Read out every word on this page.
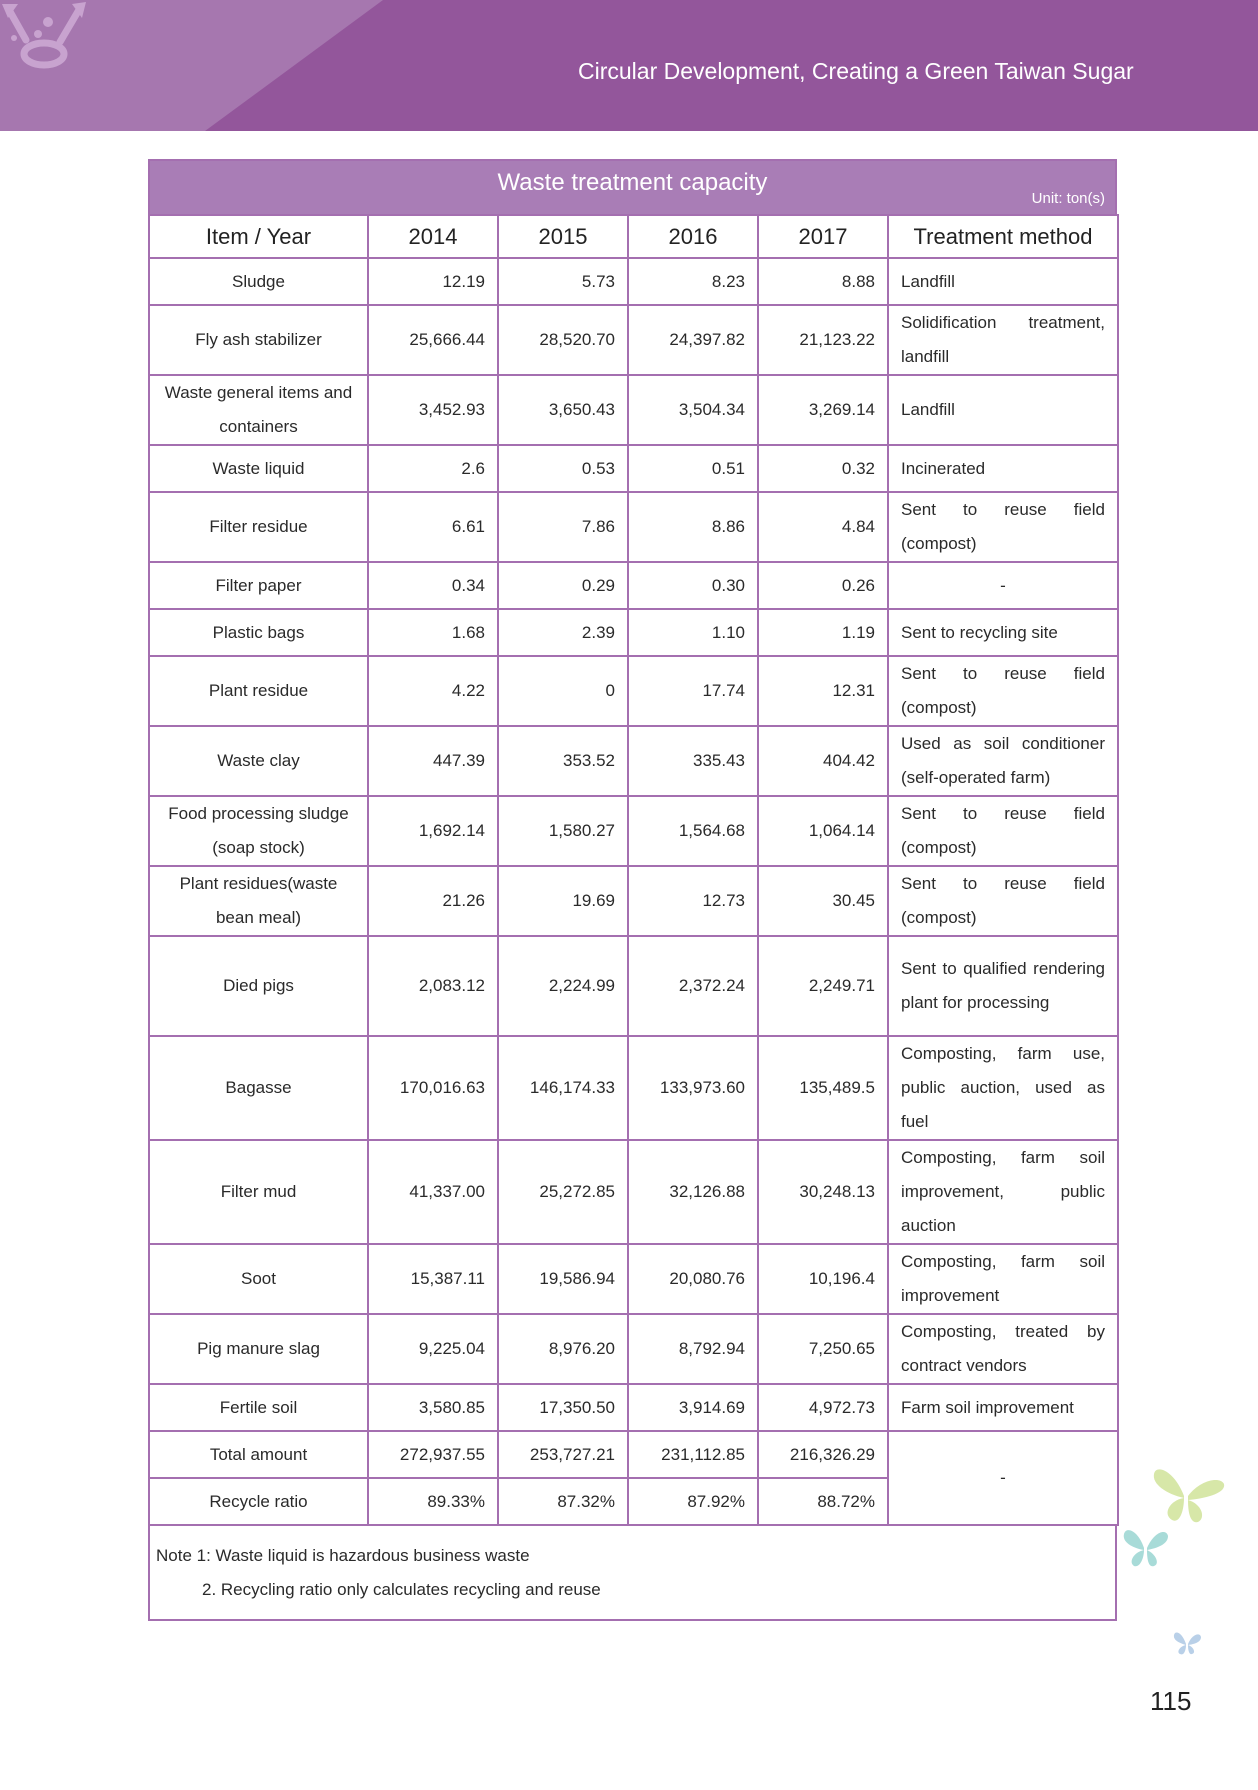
Circular Development, Creating a Green Taiwan Sugar
Waste treatment capacity
Unit: ton(s)
Item / Year	2014	2015	2016	2017	Treatment method
Sludge	12.19	5.73	8.23	8.88	Landfill
Fly ash stabilizer	25,666.44	28,520.70	24,397.82	21,123.22	Solidification treatment, landfill
Waste general items and containers	3,452.93	3,650.43	3,504.34	3,269.14	Landfill
Waste liquid	2.6	0.53	0.51	0.32	Incinerated
Filter residue	6.61	7.86	8.86	4.84	Sent to reuse field (compost)
Filter paper	0.34	0.29	0.30	0.26	-
Plastic bags	1.68	2.39	1.10	1.19	Sent to recycling site
Plant residue	4.22	0	17.74	12.31	Sent to reuse field (compost)
Waste clay	447.39	353.52	335.43	404.42	Used as soil conditioner (self-operated farm)
Food processing sludge (soap stock)	1,692.14	1,580.27	1,564.68	1,064.14	Sent to reuse field (compost)
Plant residues(waste bean meal)	21.26	19.69	12.73	30.45	Sent to reuse field (compost)
Died pigs	2,083.12	2,224.99	2,372.24	2,249.71	Sent to qualified rendering plant for processing
Bagasse	170,016.63	146,174.33	133,973.60	135,489.5	Composting, farm use, public auction, used as fuel
Filter mud	41,337.00	25,272.85	32,126.88	30,248.13	Composting, farm soil improvement, public auction
Soot	15,387.11	19,586.94	20,080.76	10,196.4	Composting, farm soil improvement
Pig manure slag	9,225.04	8,976.20	8,792.94	7,250.65	Composting, treated by contract vendors
Fertile soil	3,580.85	17,350.50	3,914.69	4,972.73	Farm soil improvement
Total amount	272,937.55	253,727.21	231,112.85	216,326.29	-
Recycle ratio	89.33%	87.32%	87.92%	88.72%	
Note 1: Waste liquid is hazardous business waste
2. Recycling ratio only calculates recycling and reuse
115
